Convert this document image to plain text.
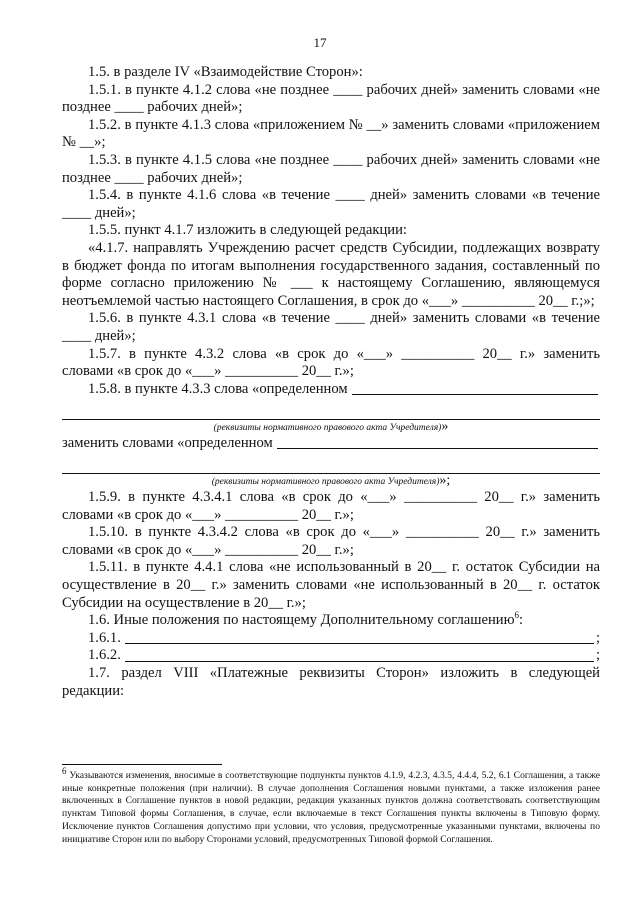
17

1.5. в разделе IV «Взаимодействие Сторон»:

1.5.1. в пункте 4.1.2 слова «не позднее ____ рабочих дней» заменить словами «не позднее ____ рабочих дней»;

1.5.2. в пункте 4.1.3 слова «приложением № __» заменить словами «приложением № __»;

1.5.3. в пункте 4.1.5 слова «не позднее ____ рабочих дней» заменить словами «не позднее ____ рабочих дней»;

1.5.4. в пункте 4.1.6 слова «в течение ____ дней» заменить словами «в течение ____ дней»;

1.5.5. пункт 4.1.7 изложить в следующей редакции:

«4.1.7. направлять Учреждению расчет средств Субсидии, подлежащих возврату в бюджет фонда по итогам выполнения государственного задания, составленный по форме согласно приложению № ___ к настоящему Соглашению, являющемуся неотъемлемой частью настоящего Соглашения, в срок до «___» __________ 20__ г.;»;

1.5.6. в пункте 4.3.1 слова «в течение ____ дней» заменить словами «в течение ____ дней»;

1.5.7. в пункте 4.3.2 слова «в срок до «___» __________ 20__ г.» заменить словами «в срок до «___» __________ 20__ г.»;

1.5.8. в пункте 4.3.3 слова «определенном
(реквизиты нормативного правового акта Учредителя)»
заменить словами «определенном
(реквизиты нормативного правового акта Учредителя)»;

1.5.9. в пункте 4.3.4.1 слова «в срок до «___» __________ 20__ г.» заменить словами «в срок до «___» __________ 20__ г.»;

1.5.10. в пункте 4.3.4.2 слова «в срок до «___» __________ 20__ г.» заменить словами «в срок до «___» __________ 20__ г.»;

1.5.11. в пункте 4.4.1 слова «не использованный в 20__ г. остаток Субсидии на осуществление в 20__ г.» заменить словами «не использованный в 20__ г. остаток Субсидии на осуществление в 20__ г.»;

1.6. Иные положения по настоящему Дополнительному соглашению$^6$:

1.6.1.	;
1.6.2.	;

1.7. раздел VIII «Платежные реквизиты Сторон» изложить в следующей редакции:

$^6$ Указываются изменения, вносимые в соответствующие подпункты пунктов 4.1.9, 4.2.3, 4.3.5, 4.4.4, 5.2, 6.1 Соглашения, а также иные конкретные положения (при наличии). В случае дополнения Соглашения новыми пунктами, а также изложения ранее включенных в Соглашение пунктов в новой редакции, редакция указанных пунктов должна соответствовать соответствующим пунктам Типовой формы Соглашения, в случае, если включаемые в текст Соглашения пункты включены в Типовую форму. Исключение пунктов Соглашения допустимо при условии, что условия, предусмотренные указанными пунктами, включены по инициативе Сторон или по выбору Сторонами условий, предусмотренных Типовой формой Соглашения.
